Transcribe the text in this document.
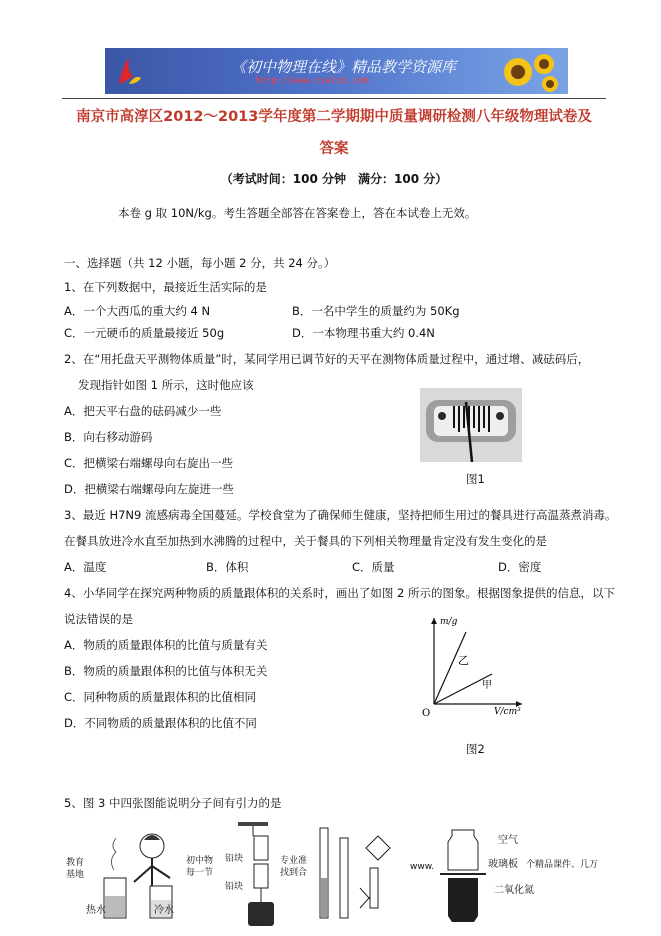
《初中物理在线》精品教学资源库
http://www.czwlzx.com
南京市高淳区2012～2013学年度第二学期期中质量调研检测八年级物理试卷及
答案
（考试时间：100 分钟　满分：100 分）
本卷 g 取 10N/kg。考生答题全部答在答案卷上，答在本试卷上无效。
一、选择题（共 12 小题，每小题 2 分，共 24 分。）
1、在下列数据中，最接近生活实际的是
A．一个大西瓜的重大约 4 N	B．一名中学生的质量约为 50Kg
C．一元硬币的质量最接近 50g	D．一本物理书重大约 0.4N
2、在“用托盘天平测物体质量”时，某同学用已调节好的天平在测物体质量过程中，通过增、减砝码后，
发现指针如图 1 所示，这时他应该
A．把天平右盘的砝码减少一些
B．向右移动游码
C．把横梁右端螺母向右旋出一些
D．把横梁右端螺母向左旋进一些
图1
3、最近 H7N9 流感病毒全国蔓延。学校食堂为了确保师生健康，坚持把师生用过的餐具进行高温蒸煮消毒。
在餐具放进冷水直至加热到水沸腾的过程中，关于餐具的下列相关物理量肯定没有发生变化的是
A．温度	B．体积	C．质量	D．密度
4、小华同学在探究两种物质的质量跟体积的关系时，画出了如图 2 所示的图象。根据图象提供的信息，以下
说法错误的是
A．物质的质量跟体积的比值与质量有关
B．物质的质量跟体积的比值与体积无关
C．同种物质的质量跟体积的比值相同
D．不同物质的质量跟体积的比值不同
m/g
V/cm³
O
乙
甲
图2
5、图 3 中四张图能说明分子间有引力的是
教育
基地
热水	冷水
初中物
每一节
铅块
铅块
专业准
找到合
www.
空气
玻璃板 个精品课件、几万
二氧化氮
